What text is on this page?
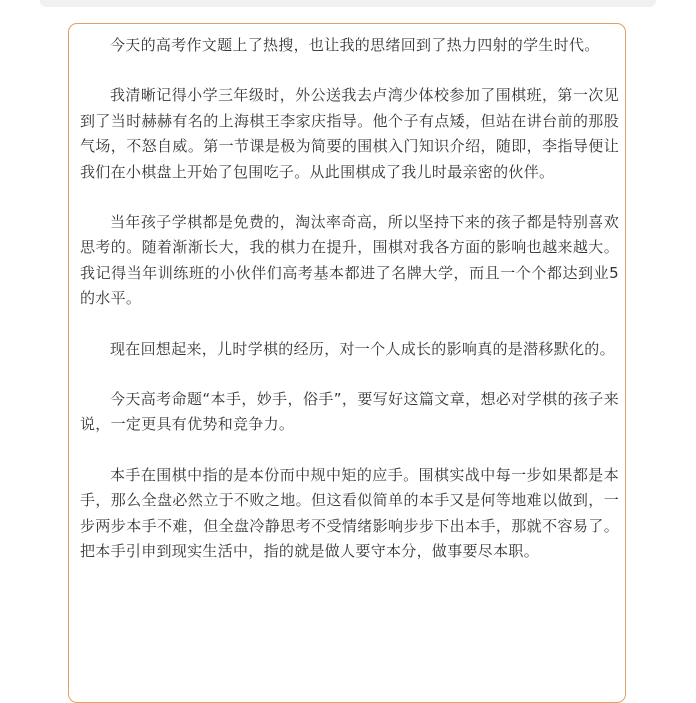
今天的高考作文题上了热搜，也让我的思绪回到了热力四射的学生时代。

我清晰记得小学三年级时，外公送我去卢湾少体校参加了围棋班，第一次见到了当时赫赫有名的上海棋王李家庆指导。他个子有点矮，但站在讲台前的那股气场，不怒自威。第一节课是极为简要的围棋入门知识介绍，随即，李指导便让我们在小棋盘上开始了包围吃子。从此围棋成了我儿时最亲密的伙伴。

当年孩子学棋都是免费的，淘汰率奇高，所以坚持下来的孩子都是特别喜欢思考的。随着渐渐长大，我的棋力在提升，围棋对我各方面的影响也越来越大。我记得当年训练班的小伙伴们高考基本都进了名牌大学，而且一个个都达到业5的水平。

现在回想起来，儿时学棋的经历，对一个人成长的影响真的是潜移默化的。

今天高考命题“本手，妙手，俗手”，要写好这篇文章，想必对学棋的孩子来说，一定更具有优势和竞争力。

本手在围棋中指的是本份而中规中矩的应手。围棋实战中每一步如果都是本手，那么全盘必然立于不败之地。但这看似简单的本手又是何等地难以做到，一步两步本手不难，但全盘冷静思考不受情绪影响步步下出本手，那就不容易了。把本手引申到现实生活中，指的就是做人要守本分，做事要尽本职。
